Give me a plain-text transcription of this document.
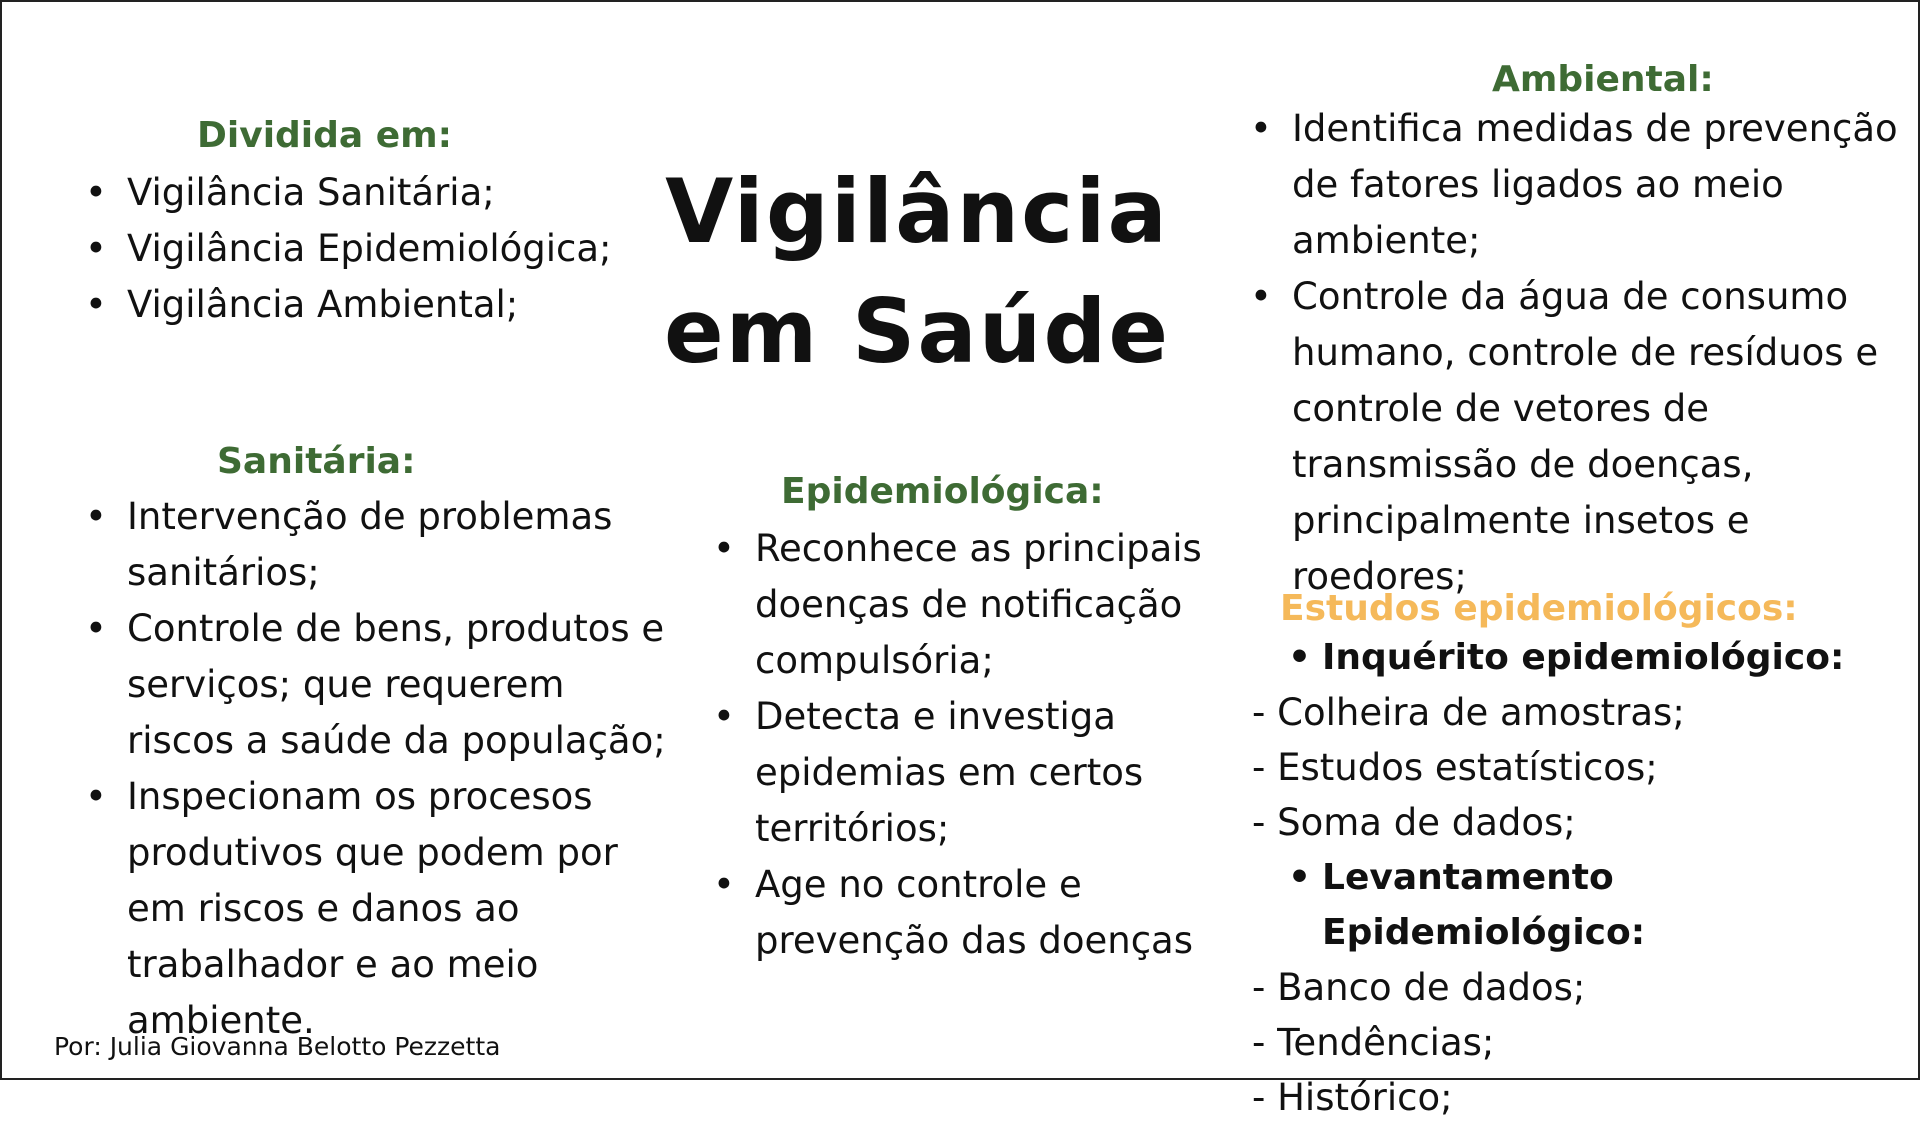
Vigilância em Saúde
Dividida em:
• Vigilância Sanitária;
• Vigilância Epidemiológica;
• Vigilância Ambiental;
Sanitária:
• Intervenção de problemas sanitários;
• Controle de bens, produtos e serviços; que requerem riscos a saúde da população;
• Inspecionam os procesos produtivos que podem por em riscos e danos ao trabalhador e ao meio ambiente.
Epidemiológica:
• Reconhece as principais doenças de notificação compulsória;
• Detecta e investiga epidemias em certos territórios;
• Age no controle e prevenção das doenças
Ambiental:
• Identifica medidas de prevenção de fatores ligados ao meio ambiente;
• Controle da água de consumo humano, controle de resíduos e controle de vetores de transmissão de doenças, principalmente insetos e roedores;
Estudos epidemiológicos:
• Inquérito epidemiológico:
- Colheira de amostras;
- Estudos estatísticos;
- Soma de dados;
• Levantamento Epidemiológico:
- Banco de dados;
- Tendências;
- Histórico;
Por: Julia Giovanna Belotto Pezzetta
